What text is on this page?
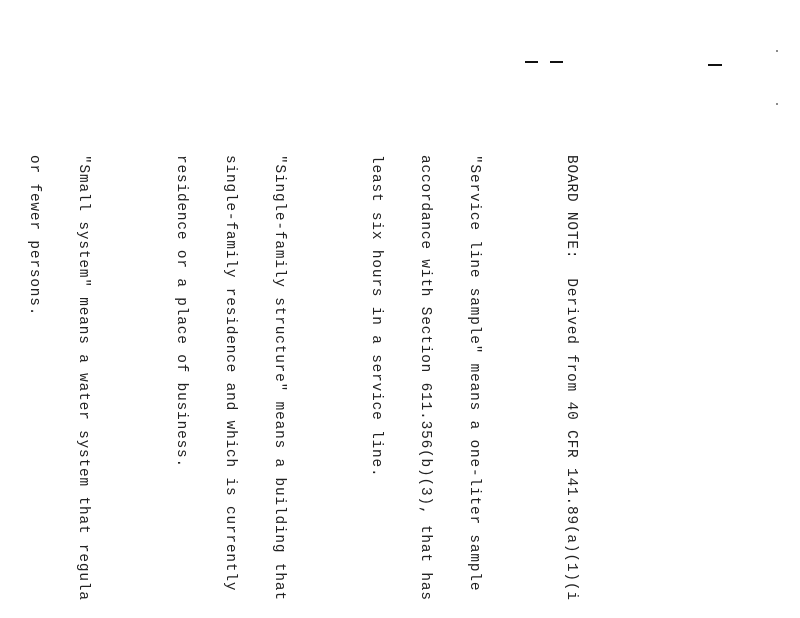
BOARD NOTE:  Derived from 40 CFR 141.89(a)(1)(i

"Service line sample" means a one-liter sample

accordance with Section 611.356(b)(3), that has

least six hours in a service line.

"Single-family structure" means a building that

single-family residence and which is currently

residence or a place of business.

"Small system" means a water system that regula

or fewer persons.
